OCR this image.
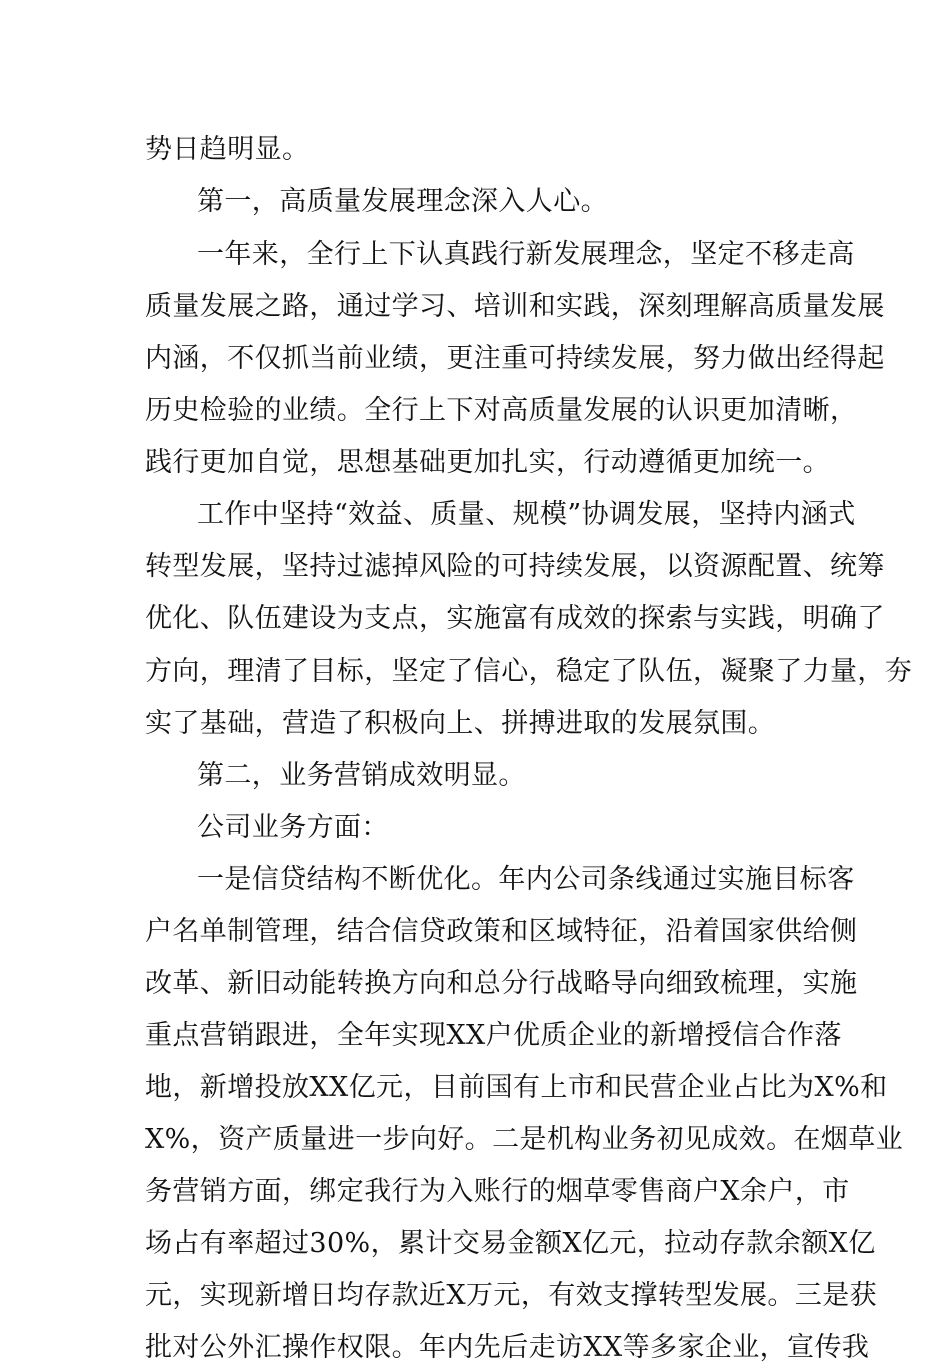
势日趋明显。
第一，高质量发展理念深入人心。
一年来，全行上下认真践行新发展理念，坚定不移走高
质量发展之路，通过学习、培训和实践，深刻理解高质量发展
内涵，不仅抓当前业绩，更注重可持续发展，努力做出经得起
历史检验的业绩。全行上下对高质量发展的认识更加清晰，
践行更加自觉，思想基础更加扎实，行动遵循更加统一。
工作中坚持“效益、质量、规模”协调发展，坚持内涵式
转型发展，坚持过滤掉风险的可持续发展，以资源配置、统筹
优化、队伍建设为支点，实施富有成效的探索与实践，明确了
方向，理清了目标，坚定了信心，稳定了队伍，凝聚了力量，夯
实了基础，营造了积极向上、拼搏进取的发展氛围。
第二，业务营销成效明显。
公司业务方面：
一是信贷结构不断优化。年内公司条线通过实施目标客
户名单制管理，结合信贷政策和区域特征，沿着国家供给侧
改革、新旧动能转换方向和总分行战略导向细致梳理，实施
重点营销跟进，全年实现XX户优质企业的新增授信合作落
地，新增投放XX亿元，目前国有上市和民营企业占比为X%和
X%，资产质量进一步向好。二是机构业务初见成效。在烟草业
务营销方面，绑定我行为入账行的烟草零售商户X余户，市
场占有率超过30%，累计交易金额X亿元，拉动存款余额X亿
元，实现新增日均存款近X万元，有效支撑转型发展。三是获
批对公外汇操作权限。年内先后走访XX等多家企业，宣传我
